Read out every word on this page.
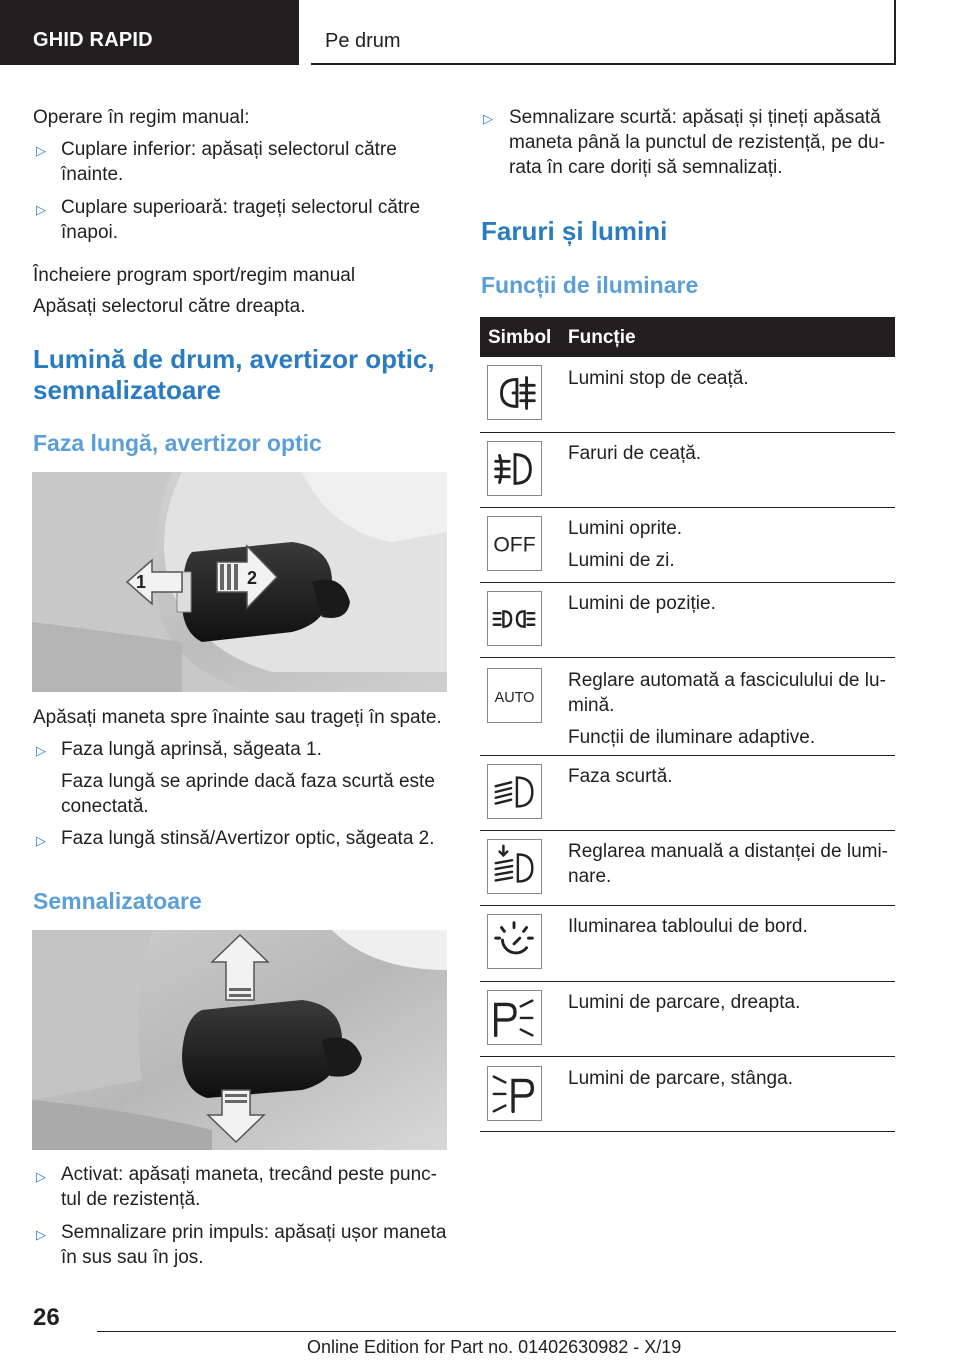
GHID RAPID	Pe drum
Operare în regim manual:
▷ Cuplare inferior: apăsați selectorul către
înainte.
▷ Cuplare superioară: trageți selectorul către
înapoi.
Încheiere program sport/regim manual
Apăsați selectorul către dreapta.
Lumină de drum, avertizor optic,
semnalizatoare
Faza lungă, avertizor optic
1	2
Apăsați maneta spre înainte sau trageți în spate.
▷ Faza lungă aprinsă, săgeata 1.
Faza lungă se aprinde dacă faza scurtă este
conectată.
▷ Faza lungă stinsă/Avertizor optic, săgeata 2.
Semnalizatoare
▷ Activat: apăsați maneta, trecând peste punc-
tul de rezistență.
▷ Semnalizare prin impuls: apăsați ușor maneta
în sus sau în jos.
▷ Semnalizare scurtă: apăsați și țineți apăsată
maneta până la punctul de rezistență, pe du-
rata în care doriți să semnalizați.
Faruri și lumini
Funcții de iluminare
Simbol Funcție
Lumini stop de ceață.
Faruri de ceață.
OFF
Lumini oprite.
Lumini de zi.
Lumini de poziție.
AUTO
Reglare automată a fasciculului de lu-
mină.
Funcții de iluminare adaptive.
Faza scurtă.
Reglarea manuală a distanței de lumi-
nare.
Iluminarea tabloului de bord.
Lumini de parcare, dreapta.
Lumini de parcare, stânga.
26
Online Edition for Part no. 01402630982 - X/19
